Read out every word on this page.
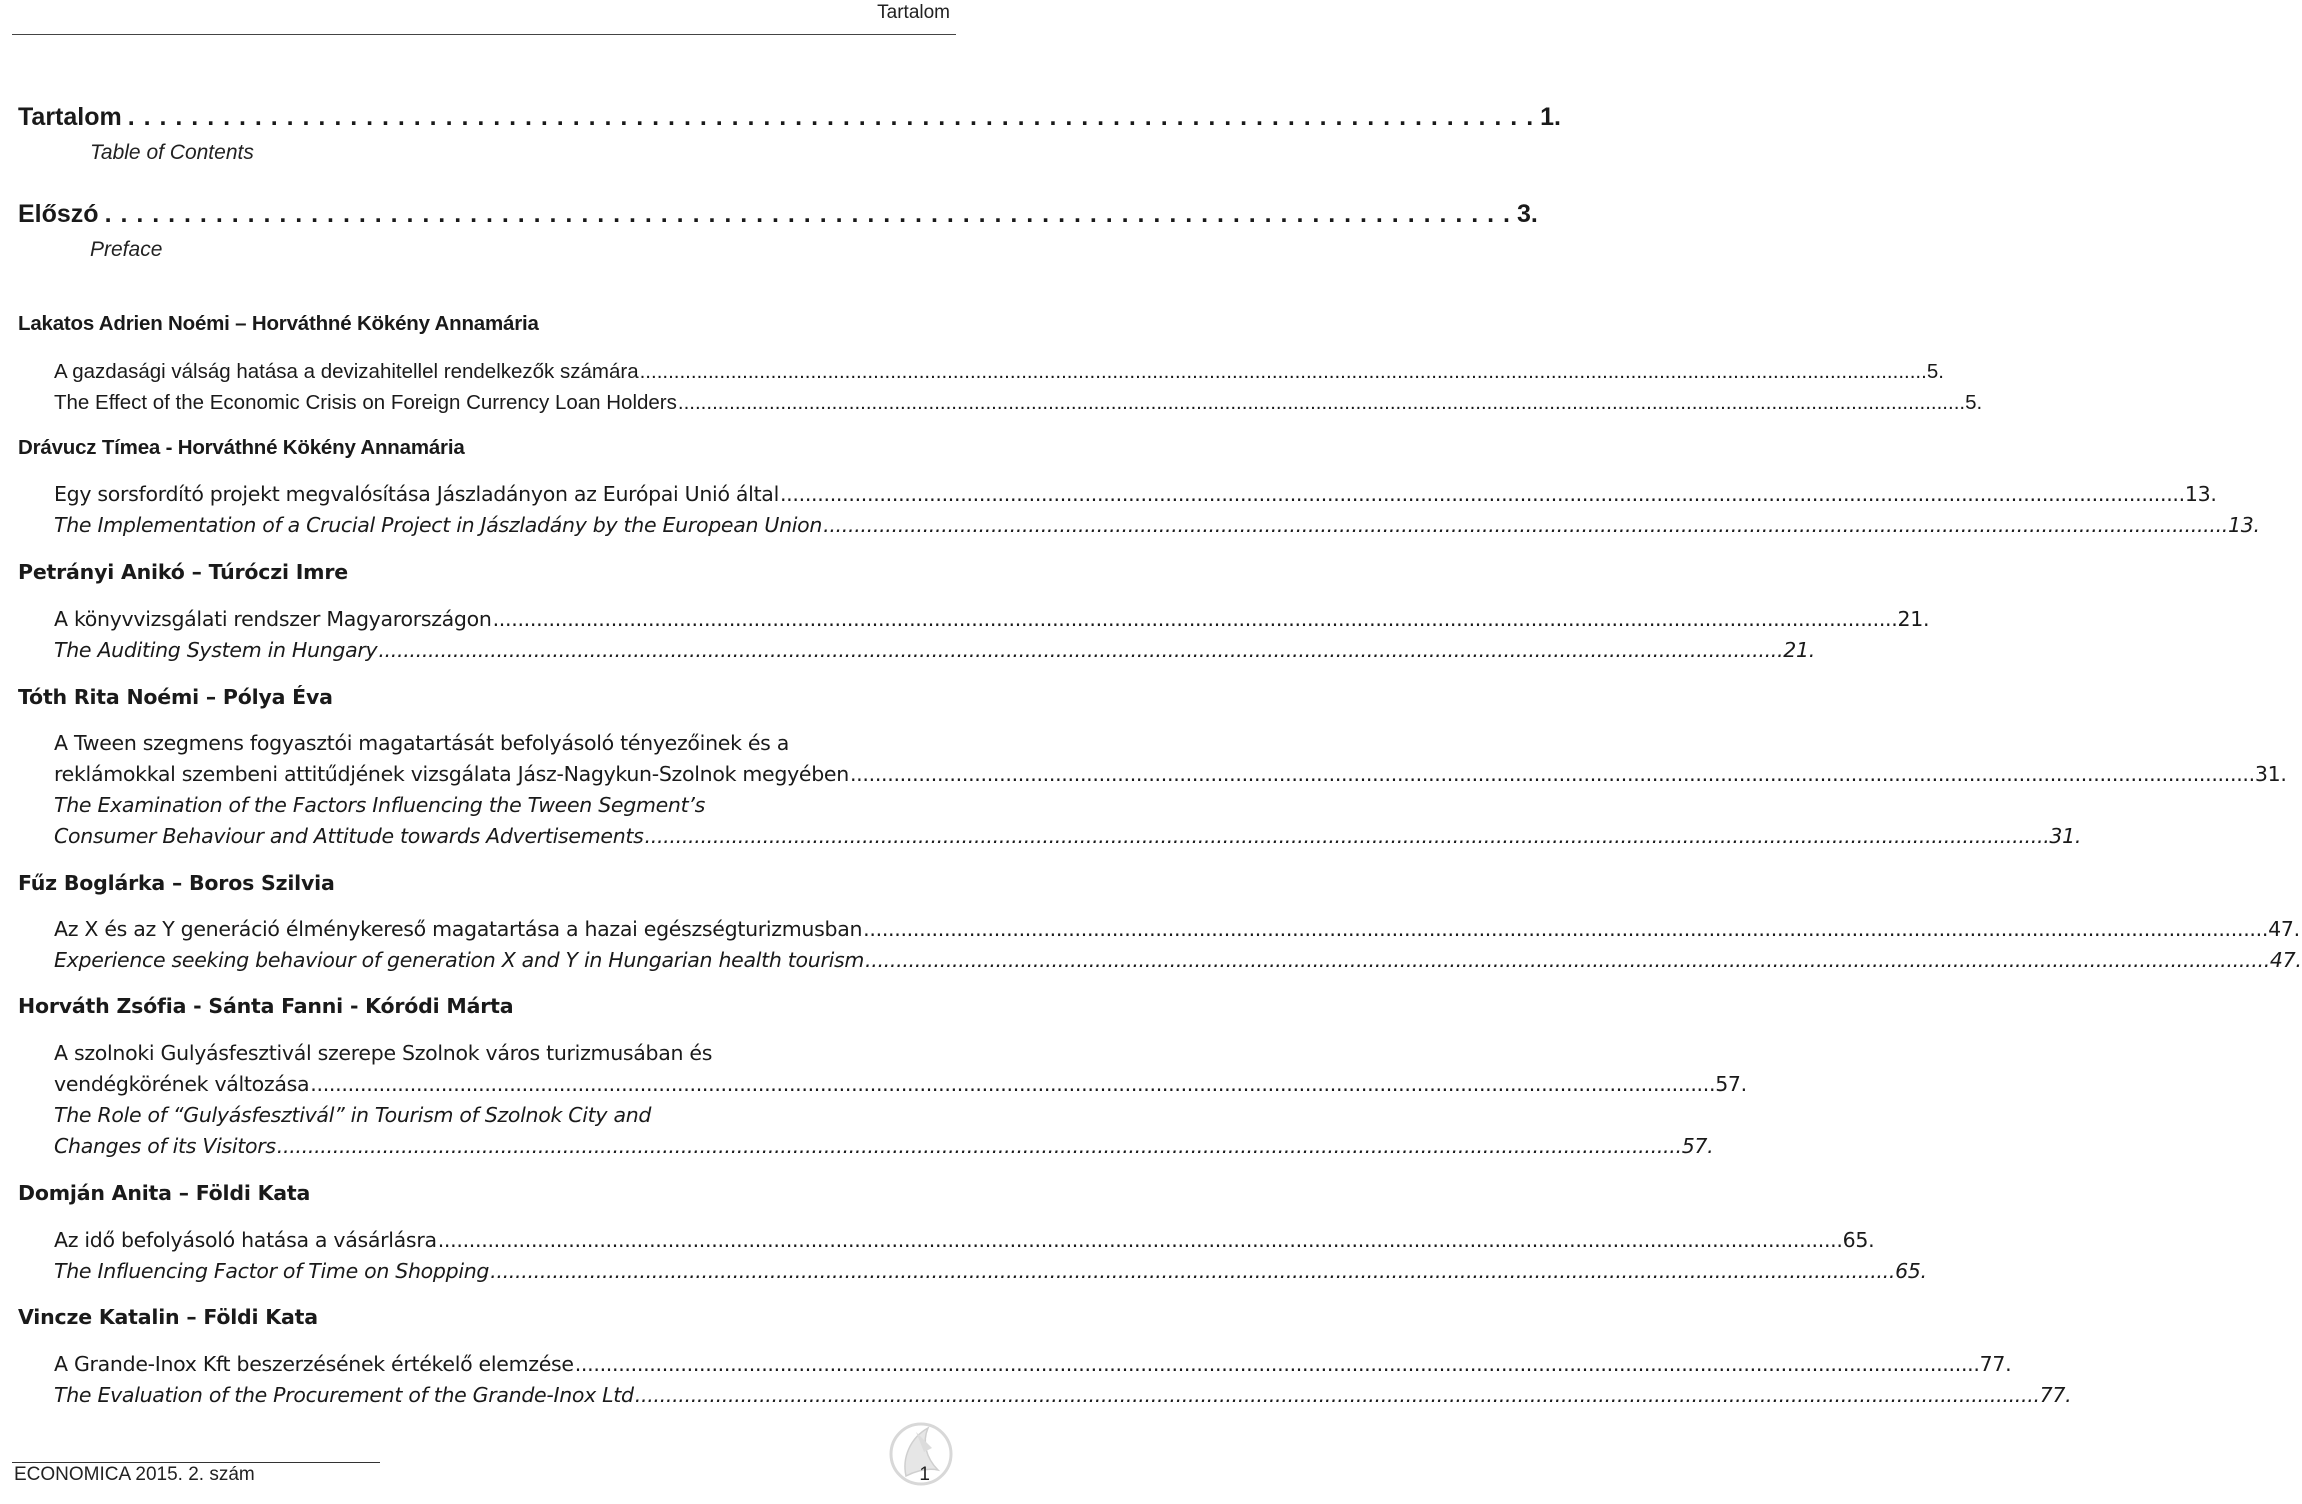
Tartalom
Tartalom . . .	1.
Table of Contents
Előszó . . .	3.
Preface
Lakatos Adrien Noémi – Horváthné Kökény Annamária
A gazdasági válság hatása a devizahitellel rendelkezők számára .....	5.
The Effect of the Economic Crisis on Foreign Currency Loan Holders .....	5.
Drávucz Tímea - Horváthné Kökény Annamária
Egy sorsfordító projekt megvalósítása Jászladányon az Európai Unió által .....	13.
The Implementation of a Crucial Project in Jászladány by the European Union .....	13.
Petrányi Anikó – Túróczi Imre
A könyvvizsgálati rendszer Magyarországon .....	21.
The Auditing System in Hungary .....	21.
Tóth Rita Noémi – Pólya Éva
A Tween szegmens fogyasztói magatartását befolyásoló tényezőinek és a
reklámokkal szembeni attitűdjének vizsgálata Jász-Nagykun-Szolnok megyében .....	31.
The Examination of the Factors Influencing the Tween Segment’s
Consumer Behaviour and Attitude towards Advertisements .....	31.
Fűz Boglárka – Boros Szilvia
Az X és az Y generáció élménykereső magatartása a hazai egészségturizmusban .....	47.
Experience seeking behaviour of generation X and Y in Hungarian health tourism .....	47.
Horváth Zsófia - Sánta Fanni - Kóródi Márta
A szolnoki Gulyásfesztivál szerepe Szolnok város turizmusában és
vendégkörének változása .....	57.
The Role of “Gulyásfesztivál” in Tourism of Szolnok City and
Changes of its Visitors .....	57.
Domján Anita – Földi Kata
Az idő befolyásoló hatása a vásárlásra .....	65.
The Influencing Factor of Time on Shopping .....	65.
Vincze Katalin – Földi Kata
A Grande-Inox Kft beszerzésének értékelő elemzése .....	77.
The Evaluation of the Procurement of the Grande-Inox Ltd .....	77.
ECONOMICA 2015. 2. szám	1
